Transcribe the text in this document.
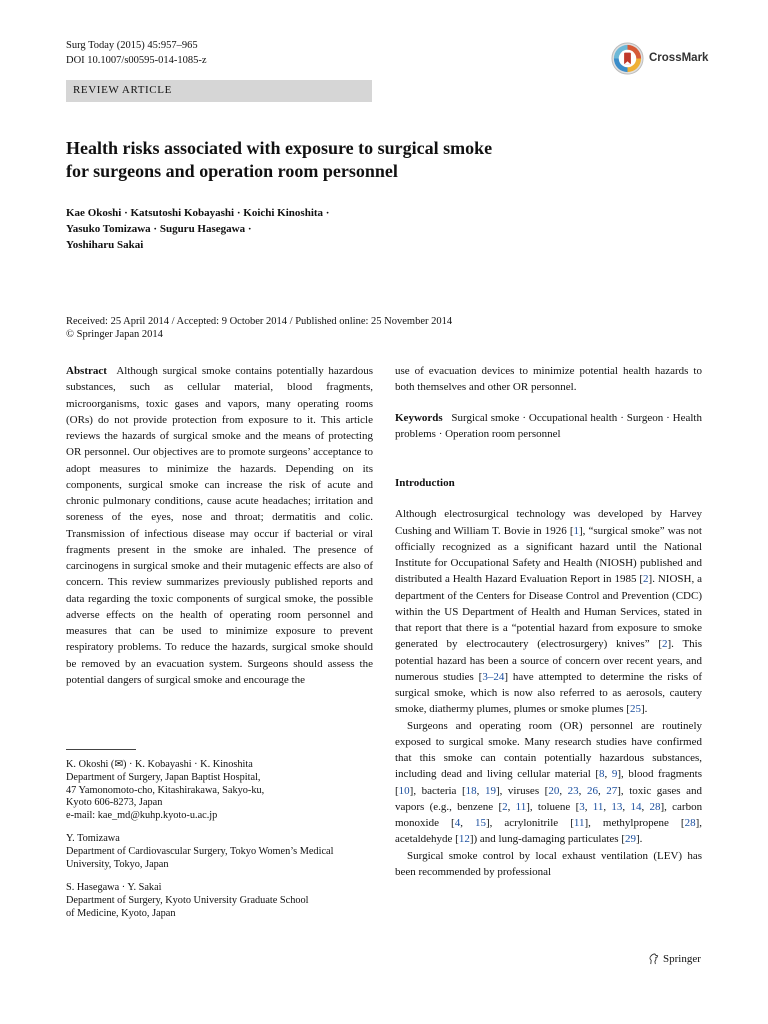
Surg Today (2015) 45:957–965
DOI 10.1007/s00595-014-1085-z	CrossMark
REVIEW ARTICLE
Health risks associated with exposure to surgical smoke
for surgeons and operation room personnel
Kae Okoshi · Katsutoshi Kobayashi · Koichi Kinoshita ·
Yasuko Tomizawa · Suguru Hasegawa ·
Yoshiharu Sakai
Received: 25 April 2014 / Accepted: 9 October 2014 / Published online: 25 November 2014
© Springer Japan 2014

Abstract Although surgical smoke contains potentially hazardous substances, such as cellular material, blood fragments, microorganisms, toxic gases and vapors, many operating rooms (ORs) do not provide protection from exposure to it. This article reviews the hazards of surgical smoke and the means of protecting OR personnel. Our objectives are to promote surgeons’ acceptance to adopt measures to minimize the hazards. Depending on its components, surgical smoke can increase the risk of acute and chronic pulmonary conditions, cause acute headaches; irritation and soreness of the eyes, nose and throat; dermatitis and colic. Transmission of infectious disease may occur if bacterial or viral fragments present in the smoke are inhaled. The presence of carcinogens in surgical smoke and their mutagenic effects are also of concern. This review summarizes previously published reports and data regarding the toxic components of surgical smoke, the possible adverse effects on the health of operating room personnel and measures that can be used to minimize exposure to prevent respiratory problems. To reduce the hazards, surgical smoke should be removed by an evacuation system. Surgeons should assess the potential dangers of surgical smoke and encourage the

K. Okoshi (✉) · K. Kobayashi · K. Kinoshita
Department of Surgery, Japan Baptist Hospital,
47 Yamonomoto-cho, Kitashirakawa, Sakyo-ku,
Kyoto 606-8273, Japan
e-mail: kae_md@kuhp.kyoto-u.ac.jp

Y. Tomizawa
Department of Cardiovascular Surgery, Tokyo Women’s Medical
University, Tokyo, Japan

S. Hasegawa · Y. Sakai
Department of Surgery, Kyoto University Graduate School
of Medicine, Kyoto, Japan

use of evacuation devices to minimize potential health hazards to both themselves and other OR personnel.

Keywords Surgical smoke · Occupational health · Surgeon · Health problems · Operation room personnel

Introduction

Although electrosurgical technology was developed by Harvey Cushing and William T. Bovie in 1926 [1], “surgical smoke” was not officially recognized as a significant hazard until the National Institute for Occupational Safety and Health (NIOSH) published and distributed a Health Hazard Evaluation Report in 1985 [2]. NIOSH, a department of the Centers for Disease Control and Prevention (CDC) within the US Department of Health and Human Services, stated in that report that there is a “potential hazard from exposure to smoke generated by electrocautery (electrosurgery) knives” [2]. This potential hazard has been a source of concern over recent years, and numerous studies [3–24] have attempted to determine the risks of surgical smoke, which is now also referred to as aerosols, cautery smoke, diathermy plumes, plumes or smoke plumes [25].

Surgeons and operating room (OR) personnel are routinely exposed to surgical smoke. Many research studies have confirmed that this smoke can contain potentially hazardous substances, including dead and living cellular material [8, 9], blood fragments [10], bacteria [18, 19], viruses [20, 23, 26, 27], toxic gases and vapors (e.g., benzene [2, 11], toluene [3, 11, 13, 14, 28], carbon monoxide [4, 15], acrylonitrile [11], methylpropene [28], acetaldehyde [12]) and lung-damaging particulates [29].

Surgical smoke control by local exhaust ventilation (LEV) has been recommended by professional

Springer
